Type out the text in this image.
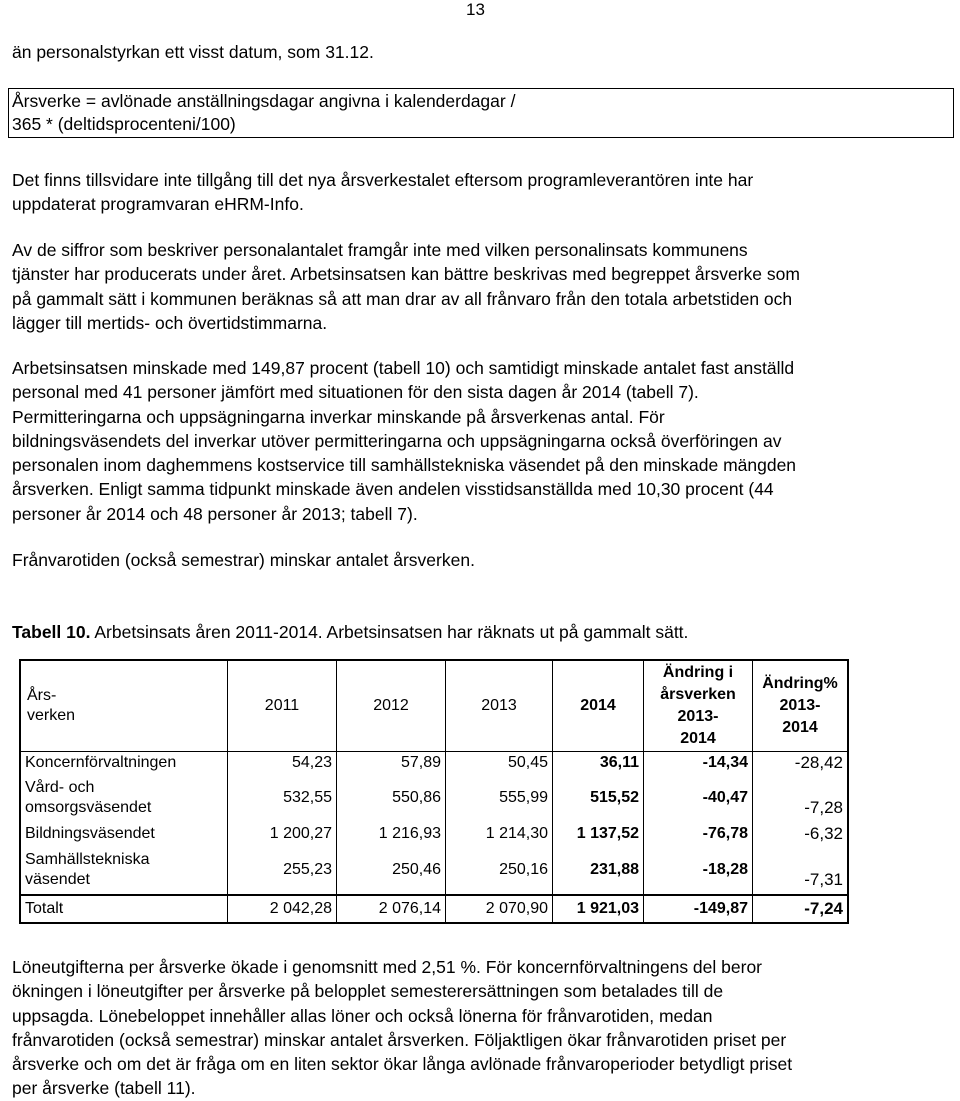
13
än personalstyrkan ett visst datum, som 31.12.
Årsverke = avlönade anställningsdagar angivna i kalenderdagar /
365 * (deltidsprocenteni/100)

Det finns tillsvidare inte tillgång till det nya årsverkestalet eftersom programleverantören inte har
uppdaterat programvaran eHRM-Info.

Av de siffror som beskriver personalantalet framgår inte med vilken personalinsats kommunens
tjänster har producerats under året. Arbetsinsatsen kan bättre beskrivas med begreppet årsverke som
på gammalt sätt i kommunen beräknas så att man drar av all frånvaro från den totala arbetstiden och
lägger till mertids- och övertidstimmarna.

Arbetsinsatsen minskade med 149,87 procent (tabell 10) och samtidigt minskade antalet fast anställd
personal med 41 personer jämfört med situationen för den sista dagen år 2014 (tabell 7).
Permitteringarna och uppsägningarna inverkar minskande på årsverkenas antal. För
bildningsväsendets del inverkar utöver permitteringarna och uppsägningarna också överföringen av
personalen inom daghemmens kostservice till samhällstekniska väsendet på den minskade mängden
årsverken. Enligt samma tidpunkt minskade även andelen visstidsanställda med 10,30 procent (44
personer år 2014 och 48 personer år 2013; tabell 7).

Frånvarotiden (också semestrar) minskar antalet årsverken.
Tabell 10. Arbetsinsats åren 2011-2014. Arbetsinsatsen har räknats ut på gammalt sätt.
Års-
verken	2011	2012	2013	2014	Ändring i
årsverken
2013-
2014	Ändring%
2013-
2014

Koncernförvaltningen	54,23	57,89	50,45	36,11	-14,34	-28,42

Vård- och
omsorgsväsendet	532,55	550,86	555,99	515,52	-40,47	-7,28

Bildningsväsendet	1 200,27	1 216,93	1 214,30	1 137,52	-76,78	-6,32

Samhällstekniska
väsendet	255,23	250,46	250,16	231,88	-18,28	-7,31

Totalt	2 042,28	2 076,14	2 070,90	1 921,03	-149,87	-7,24

Löneutgifterna per årsverke ökade i genomsnitt med 2,51 %. För koncernförvaltningens del beror
ökningen i löneutgifter per årsverke på belopplet semesterersättningen som betalades till de
uppsagda. Lönebeloppet innehåller allas löner och också lönerna för frånvarotiden, medan
frånvarotiden (också semestrar) minskar antalet årsverken. Följaktligen ökar frånvarotiden priset per
årsverke och om det är fråga om en liten sektor ökar långa avlönade frånvaroperioder betydligt priset
per årsverke (tabell 11).
